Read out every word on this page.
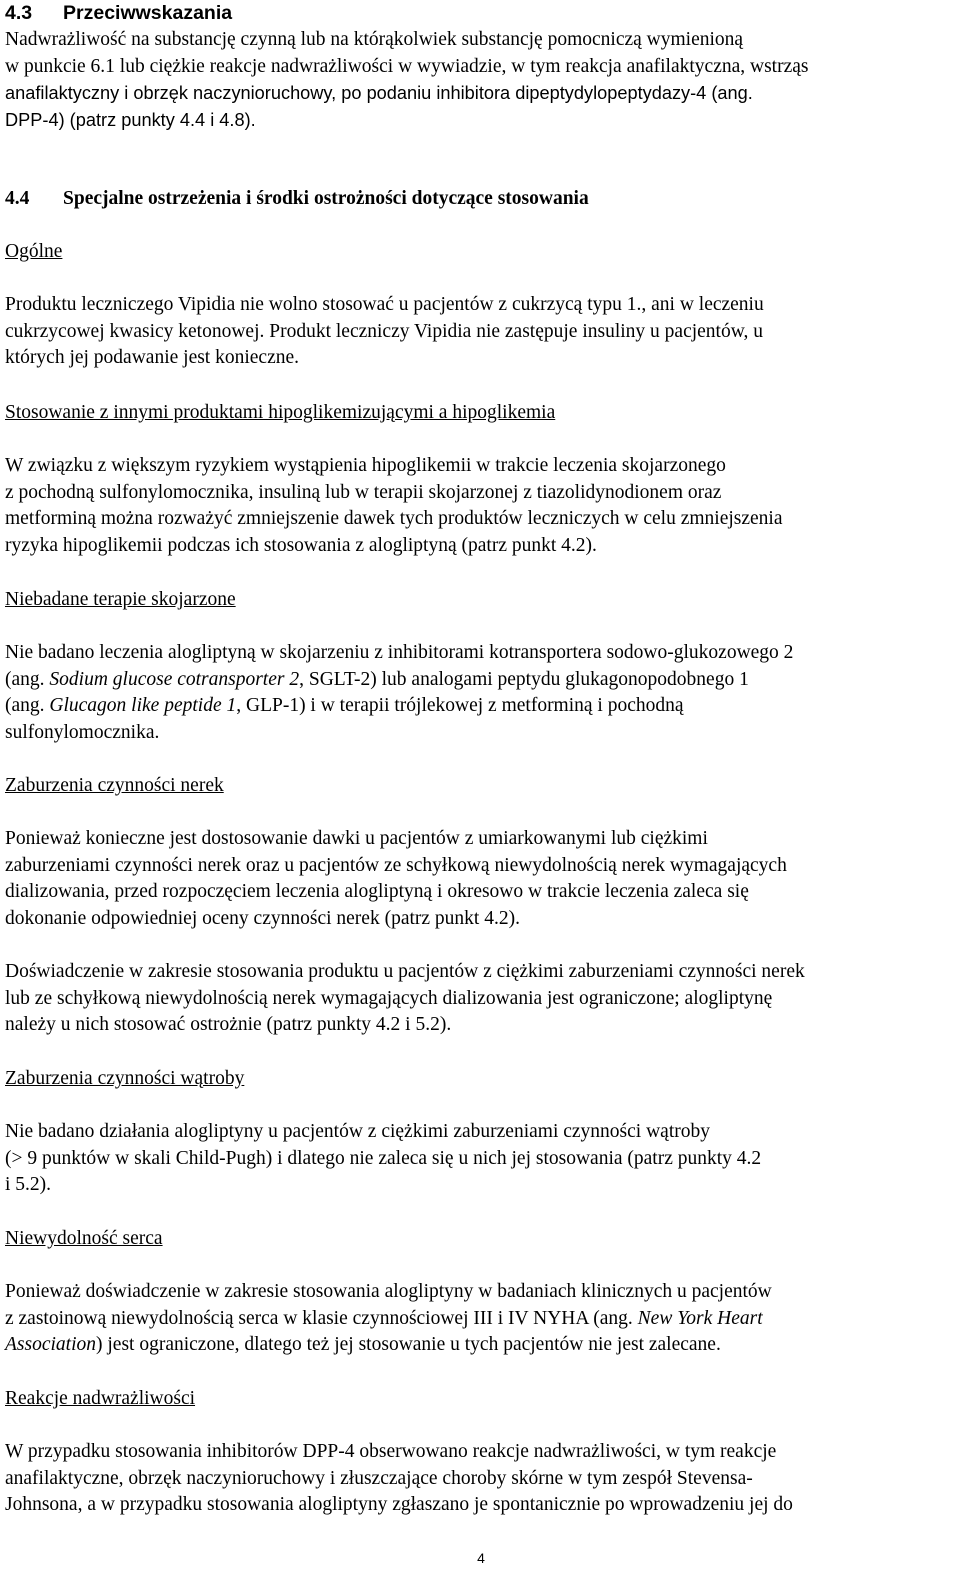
4.3 Przeciwwskazania
Nadwrażliwość na substancję czynną lub na którąkolwiek substancję pomocniczą wymienioną
w punkcie 6.1 lub ciężkie reakcje nadwrażliwości w wywiadzie, w tym reakcja anafilaktyczna, wstrząs
anafilaktyczny i obrzęk naczynioruchowy, po podaniu inhibitora dipeptydylopeptydazy-4 (ang.
DPP-4) (patrz punkty 4.4 i 4.8).
4.4 Specjalne ostrzeżenia i środki ostrożności dotyczące stosowania
Ogólne
Produktu leczniczego Vipidia nie wolno stosować u pacjentów z cukrzycą typu 1., ani w leczeniu
cukrzycowej kwasicy ketonowej. Produkt leczniczy Vipidia nie zastępuje insuliny u pacjentów, u
których jej podawanie jest konieczne.
Stosowanie z innymi produktami hipoglikemizującymi a hipoglikemia
W związku z większym ryzykiem wystąpienia hipoglikemii w trakcie leczenia skojarzonego
z pochodną sulfonylomocznika, insuliną lub w terapii skojarzonej z tiazolidynodionem oraz
metforminą można rozważyć zmniejszenie dawek tych produktów leczniczych w celu zmniejszenia
ryzyka hipoglikemii podczas ich stosowania z alogliptyną (patrz punkt 4.2).
Niebadane terapie skojarzone
Nie badano leczenia alogliptyną w skojarzeniu z inhibitorami kotransportera sodowo-glukozowego 2
(ang. Sodium glucose cotransporter 2, SGLT-2) lub analogami peptydu glukagonopodobnego 1
(ang. Glucagon like peptide 1, GLP-1) i w terapii trójlekowej z metforminą i pochodną
sulfonylomocznika.
Zaburzenia czynności nerek
Ponieważ konieczne jest dostosowanie dawki u pacjentów z umiarkowanymi lub ciężkimi
zaburzeniami czynności nerek oraz u pacjentów ze schyłkową niewydolnością nerek wymagających
dializowania, przed rozpoczęciem leczenia alogliptyną i okresowo w trakcie leczenia zaleca się
dokonanie odpowiedniej oceny czynności nerek (patrz punkt 4.2).
Doświadczenie w zakresie stosowania produktu u pacjentów z ciężkimi zaburzeniami czynności nerek
lub ze schyłkową niewydolnością nerek wymagających dializowania jest ograniczone; alogliptynę
należy u nich stosować ostrożnie (patrz punkty 4.2 i 5.2).
Zaburzenia czynności wątroby
Nie badano działania alogliptyny u pacjentów z ciężkimi zaburzeniami czynności wątroby
(> 9 punktów w skali Child-Pugh) i dlatego nie zaleca się u nich jej stosowania (patrz punkty 4.2
i 5.2).
Niewydolność serca
Ponieważ doświadczenie w zakresie stosowania alogliptyny w badaniach klinicznych u pacjentów
z zastoinową niewydolnością serca w klasie czynnościowej III i IV NYHA (ang. New York Heart
Association) jest ograniczone, dlatego też jej stosowanie u tych pacjentów nie jest zalecane.
Reakcje nadwrażliwości
W przypadku stosowania inhibitorów DPP-4 obserwowano reakcje nadwrażliwości, w tym reakcje
anafilaktyczne, obrzęk naczynioruchowy i złuszczające choroby skórne w tym zespół Stevensa-
Johnsona, a w przypadku stosowania alogliptyny zgłaszano je spontanicznie po wprowadzeniu jej do
4
